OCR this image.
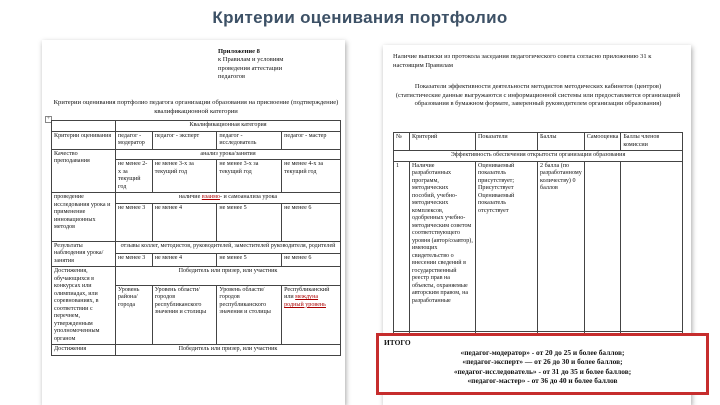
Критерии оценивания портфолио
Приложение 8
к Правилам и условиям
проведения аттестации
педагогов
Критерии оценивания портфолио педагога организации образования на присвоение (подтверждение) квалификационной категории
+
	Квалификационная категория			
Критерии оценивания	педагог - модератор	педагог - эксперт	педагог - исследователь	педагог - мастер
Качество преподавания	анализ урока/занятия			
	не менее 2-х за текущий год	не менее 3-х за текущий год	не менее 3-х за текущий год	не менее 4-х за текущий год
проведение исследования урока и применение инновационных методов	наличие взаимо- и самоанализа урока			
	не менее 3	не менее 4	не менее 5	не менее 6
Результаты наблюдения урока/занятия	отзывы коллег, методистов, руководителей, заместителей руководителя, родителей			
	не менее 3	не менее 4	не менее 5	не менее 6
Достижения, обучающихся в конкурсах или олимпиадах, или соревнованиях, в соответствии с перечнем, утвержденным уполномоченным органом	Победитель или призер, или участник			
	Уровень района/города	Уровень области/городов республиканского значения и столицы	Уровень области/городов республиканского значения и столицы	Республиканский или междуна родный уровень
Достижения	Победитель или призер, или участник			
Наличие выписки из протокола заседания педагогического совета согласно приложению 31 к настоящим Правилам
Показатели эффективности деятельности методистов методических кабинетов (центров) (статистические данные выгружаются с информационной системы или предоставляется организацией образования в бумажном формате, заверенный руководителем организации образования)
№	Критерий	Показатели	Баллы	Самооценка	Баллы членов комиссии
Эффективность обеспечения открытости организации образования					
1	Наличие разработанных программ, методических пособий, учебно-методических комплексов, одобренных учебно-методическим советом соответствующего уровня (автор/соавтор), имеющих свидетельство о внесении сведений в государственный реестр прав на объекты, охраняемые авторским правом, на разработанные	Оцениваемый показатель присутствует; Присутствует Оцениваемый показатель отсутствует	2 балла (по разработанному количеству) 0 баллов		

ИТОГО
«педагог-модератор» - от 20 до 25 и более баллов;
«педагог-эксперт» — от 26 до 30 и более баллов;
«педагог-исследователь» - от 31 до 35 и более баллов;
«педагог-мастер» - от 36 до 40 и более баллов
